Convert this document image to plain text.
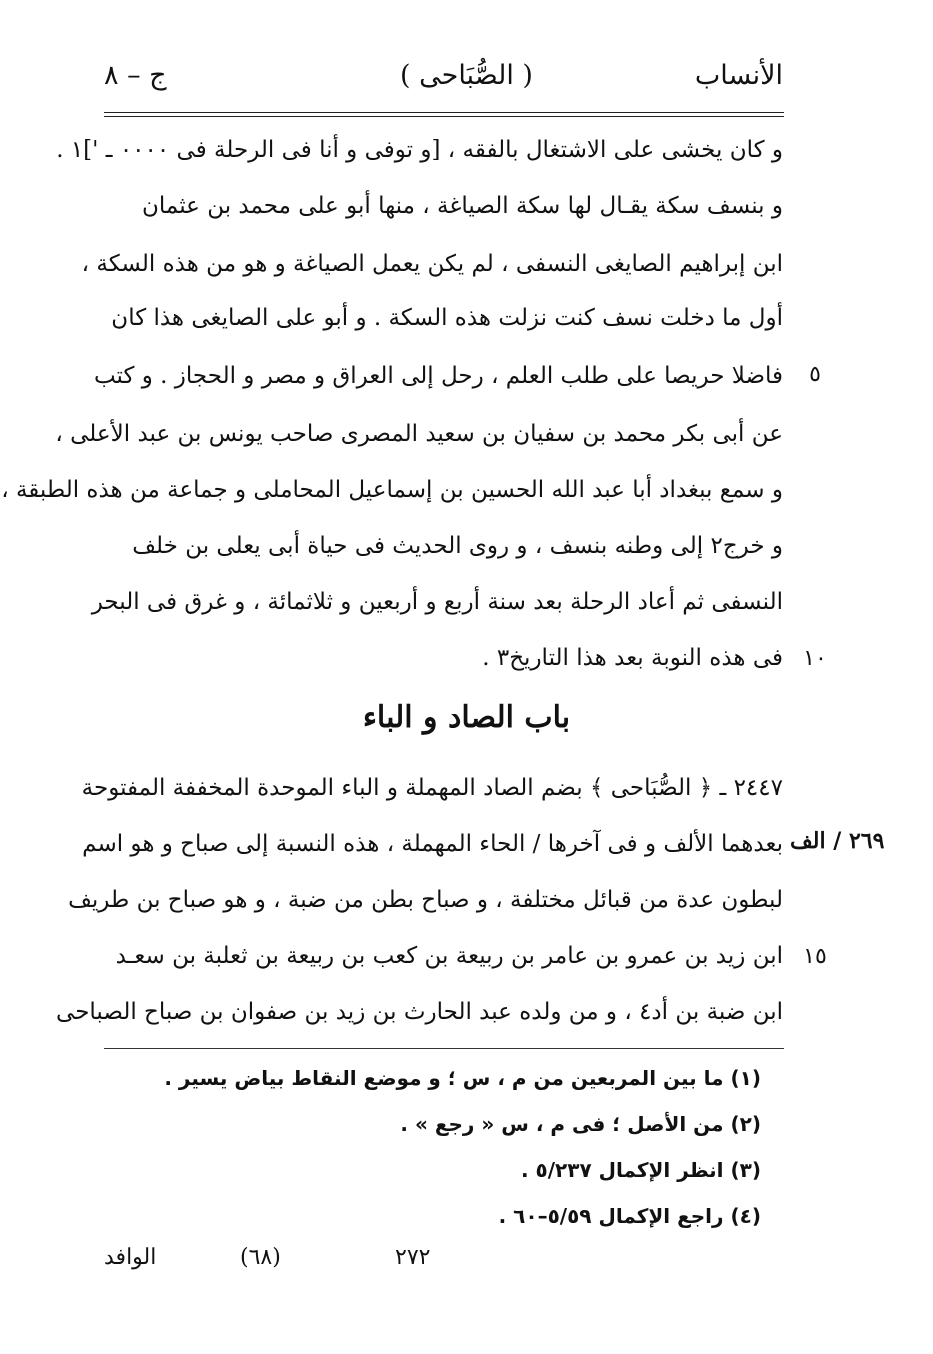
الأنساب
( الصُّبَاحى )
ج – ٨
و كان يخشى على الاشتغال بالفقه ، [و توفى و أنا فى الرحلة فى ٠٠٠٠ ـ ']١ .
و بنسف سكة يقـال لها سكة الصياغة ، منها أبو على محمد بن عثمان
ابن إبراهيم الصايغى النسفى ، لم يكن يعمل الصياغة و هو من هذه السكة ،
أول ما دخلت نسف كنت نزلت هذه السكة . و أبو على الصايغى هذا كان
٥
فاضلا حريصا على طلب العلم ، رحل إلى العراق و مصر و الحجاز . و كتب
عن أبى بكر محمد بن سفيان بن سعيد المصرى صاحب يونس بن عبد الأعلى ،
و سمع ببغداد أبا عبد الله الحسين بن إسماعيل المحاملى و جماعة من هذه الطبقة ،
و خرج٢ إلى وطنه بنسف ، و روى الحديث فى حياة أبى يعلى بن خلف
النسفى ثم أعاد الرحلة بعد سنة أربع و أربعين و ثلاثمائة ، و غرق فى البحر
١٠
فى هذه النوبة بعد هذا التاريخ٣ .
باب الصاد و الباء
٢٤٤٧ ـ ﴿ الصُّبَاحى ﴾ بضم الصاد المهملة و الباء الموحدة المخففة المفتوحة
٢٦٩ / الف
بعدهما الألف و فى آخرها / الحاء المهملة ، هذه النسبة إلى صباح و هو اسم
لبطون عدة من قبائل مختلفة ، و صباح بطن من ضبة ، و هو صباح بن طريف
١٥
ابن زيد بن عمرو بن عامر بن ربيعة بن كعب بن ربيعة بن ثعلبة بن سعـد
ابن ضبة بن أد٤ ، و من ولده عبد الحارث بن زيد بن صفوان بن صباح الصباحى
(١) ما بين المربعين من م ، س ؛ و موضع النقاط بياض يسير .
(٢) من الأصل ؛ فى م ، س « رجع » .
(٣) انظر الإكمال ٥/٢٣٧ .
(٤) راجع الإكمال ٥/٥٩–٦٠ .
٢٧٢
(٦٨)
الوافد
